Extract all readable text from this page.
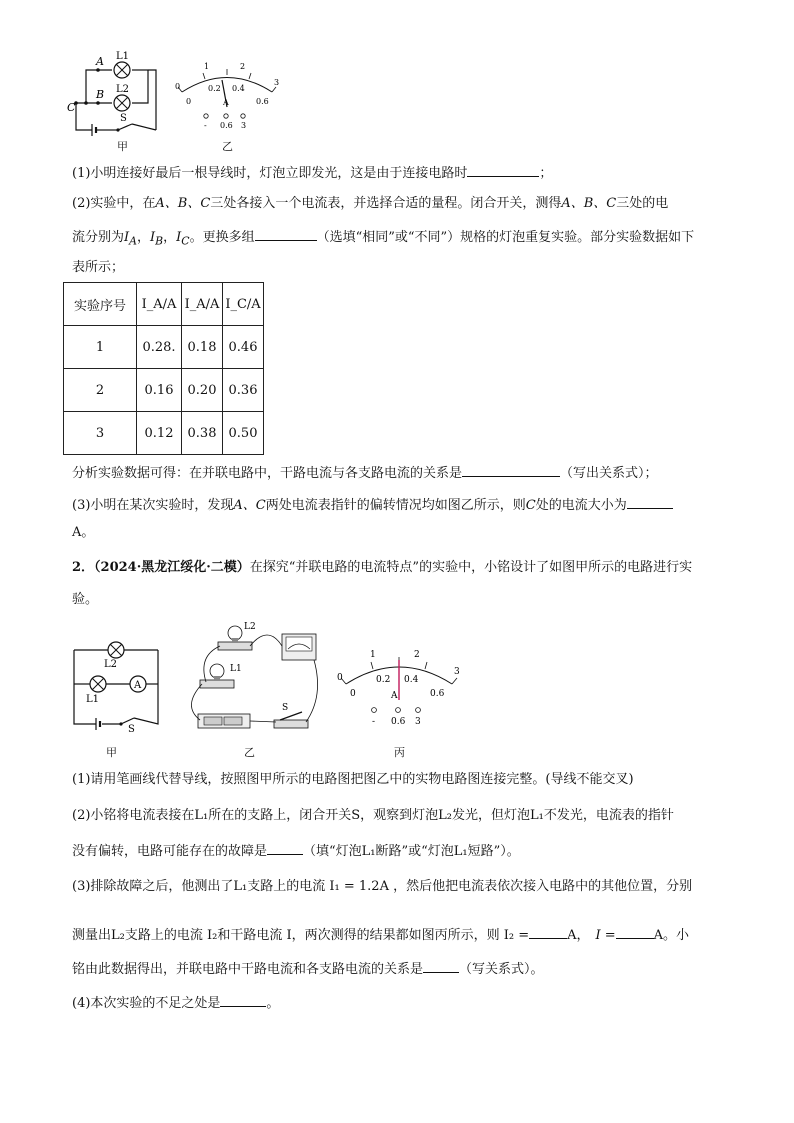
A
B
C
L1
L2
S
甲
0
1	2
3
0
0.2 0.4
0.6
A
- 0.6 3
乙
(1)小明连接好最后一根导线时，灯泡立即发光，这是由于连接电路时	；
(2)实验中，在A、B、C三处各接入一个电流表，并选择合适的量程。闭合开关，测得A、B、C三处的电
流分别为$I_A$，$I_B$，$I_C$。更换多组	（选填“相同”或“不同”）规格的灯泡重复实验。部分实验数据如下
表所示；
实验序号	I_A/A	I_A/A	I_C/A
1	0.28.	0.18	0.46
2	0.16	0.20	0.36
3	0.12	0.38	0.50
分析实验数据可得：在并联电路中，干路电流与各支路电流的关系是	（写出关系式）；
(3)小明在某次实验时，发现A、C两处电流表指针的偏转情况均如图乙所示，则C处的电流大小为
A。
2．（2024·黑龙江绥化·二模）在探究“并联电路的电流特点”的实验中，小铭设计了如图甲所示的电路进行实
验。
A
L2
L1
S
甲
L2
L1
S
乙
0
1	2
3
0
0.2 0.4
0.6
A
- 0.6 3
丙
(1)请用笔画线代替导线，按照图甲所示的电路图把图乙中的实物电路图连接完整。(导线不能交叉)
(2)小铭将电流表接在L₁所在的支路上，闭合开关S，观察到灯泡L₂发光，但灯泡L₁不发光，电流表的指针
没有偏转，电路可能存在的故障是	（填“灯泡L₁断路”或“灯泡L₁短路”）。
(3)排除故障之后，他测出了L₁支路上的电流 I₁ = 1.2A ，然后他把电流表依次接入电路中的其他位置，分别
测量出L₂支路上的电流 I₂和干路电流 I，两次测得的结果都如图丙所示，则 I₂ =	A， I =	A。小
铭由此数据得出，并联电路中干路电流和各支路电流的关系是	（写关系式）。
(4)本次实验的不足之处是	。
